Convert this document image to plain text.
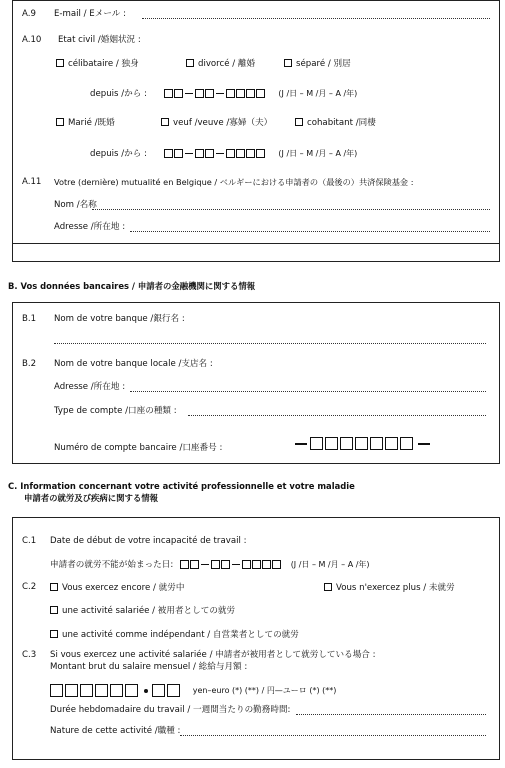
A.9 E-mail / Eメール :
A.10 Etat civil /婚姻状況 :
célibataire / 独身	divorcé / 離婚	séparé / 別居
depuis /から :	(J /日 – M /月 – A /年)
Marié /既婚	veuf /veuve /寡婦（夫）	cohabitant /同棲
depuis /から :	(J /日 – M /月 – A /年)
A.11 Votre (dernière) mutualité en Belgique / ベルギーにおける申請者の（最後の）共済保険基金 :
Nom /名称
Adresse /所在地 :
B. Vos données bancaires / 申請者の金融機関に関する情報
B.1 Nom de votre banque /銀行名 :
B.2 Nom de votre banque locale /支店名 :
Adresse /所在地 :
Type de compte /口座の種類 :
Numéro de compte bancaire /口座番号 :
C. Information concernant votre activité professionnelle et votre maladie
申請者の就労及び疾病に関する情報
C.1 Date de début de votre incapacité de travail :
申請者の就労不能が始まった日:	(J /日 – M /月 – A /年)
C.2	Vous exercez encore / 就労中	Vous n'exercez plus / 未就労
une activité salariée / 被用者としての就労
une activité comme indépendant / 自営業者としての就労
C.3 Si vous exercez une activité salariée / 申請者が被用者として就労している場合 :
Montant brut du salaire mensuel / 総給与月額 :
yen–euro (*) (**) / 円—ユーロ (*) (**)
Durée hebdomadaire du travail / 一週間当たりの勤務時間:
Nature de cette activité /職種 :
